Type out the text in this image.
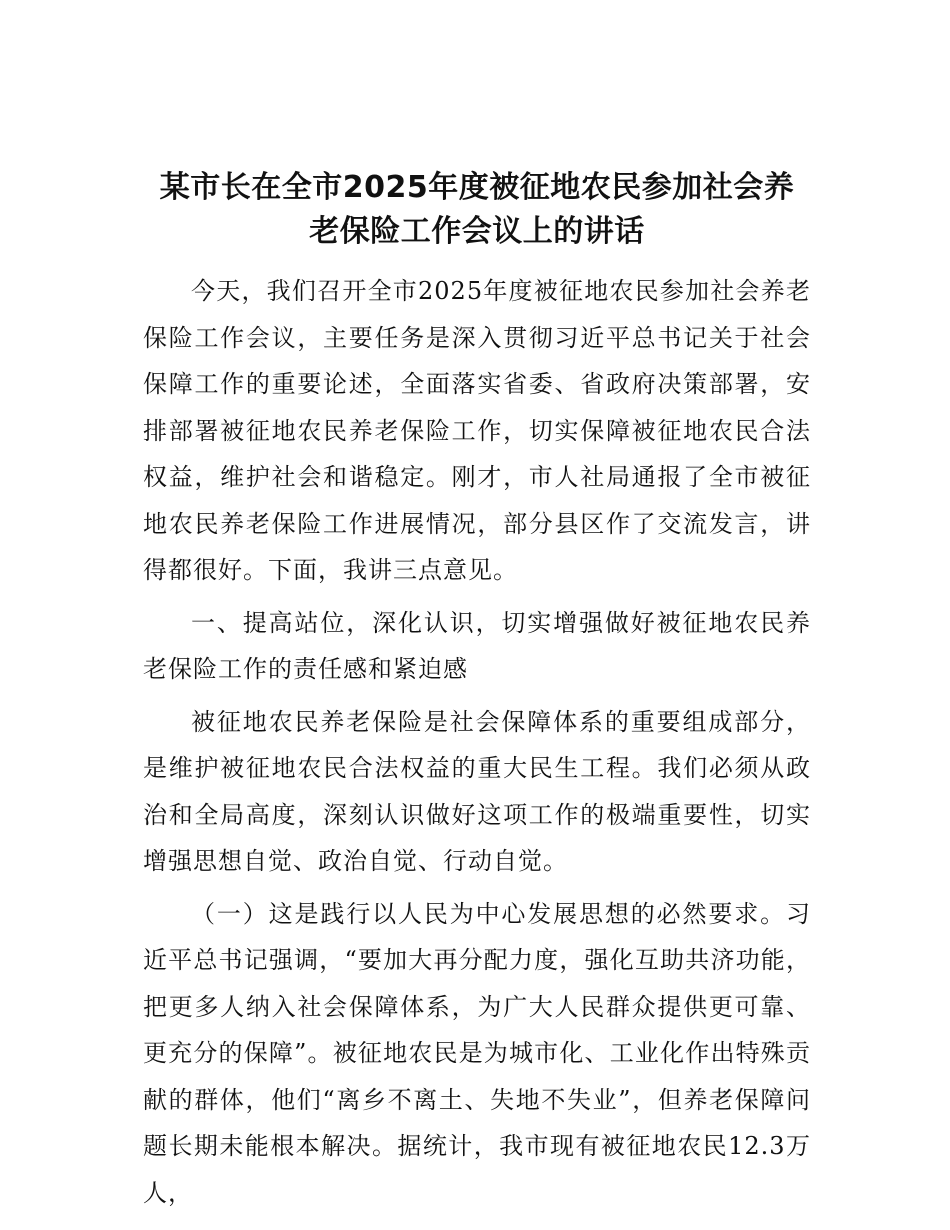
某市长在全市2025年度被征地农民参加社会养
老保险工作会议上的讲话

今天，我们召开全市2025年度被征地农民参加社会养老保险工作会议，主要任务是深入贯彻习近平总书记关于社会保障工作的重要论述，全面落实省委、省政府决策部署，安排部署被征地农民养老保险工作，切实保障被征地农民合法权益，维护社会和谐稳定。刚才，市人社局通报了全市被征地农民养老保险工作进展情况，部分县区作了交流发言，讲得都很好。下面，我讲三点意见。

一、提高站位，深化认识，切实增强做好被征地农民养老保险工作的责任感和紧迫感

被征地农民养老保险是社会保障体系的重要组成部分，是维护被征地农民合法权益的重大民生工程。我们必须从政治和全局高度，深刻认识做好这项工作的极端重要性，切实增强思想自觉、政治自觉、行动自觉。

（一）这是践行以人民为中心发展思想的必然要求。习近平总书记强调，“要加大再分配力度，强化互助共济功能，把更多人纳入社会保障体系，为广大人民群众提供更可靠、更充分的保障”。被征地农民是为城市化、工业化作出特殊贡献的群体，他们“离乡不离土、失地不失业”，但养老保障问题长期未能根本解决。据统计，我市现有被征地农民12.3万人，
